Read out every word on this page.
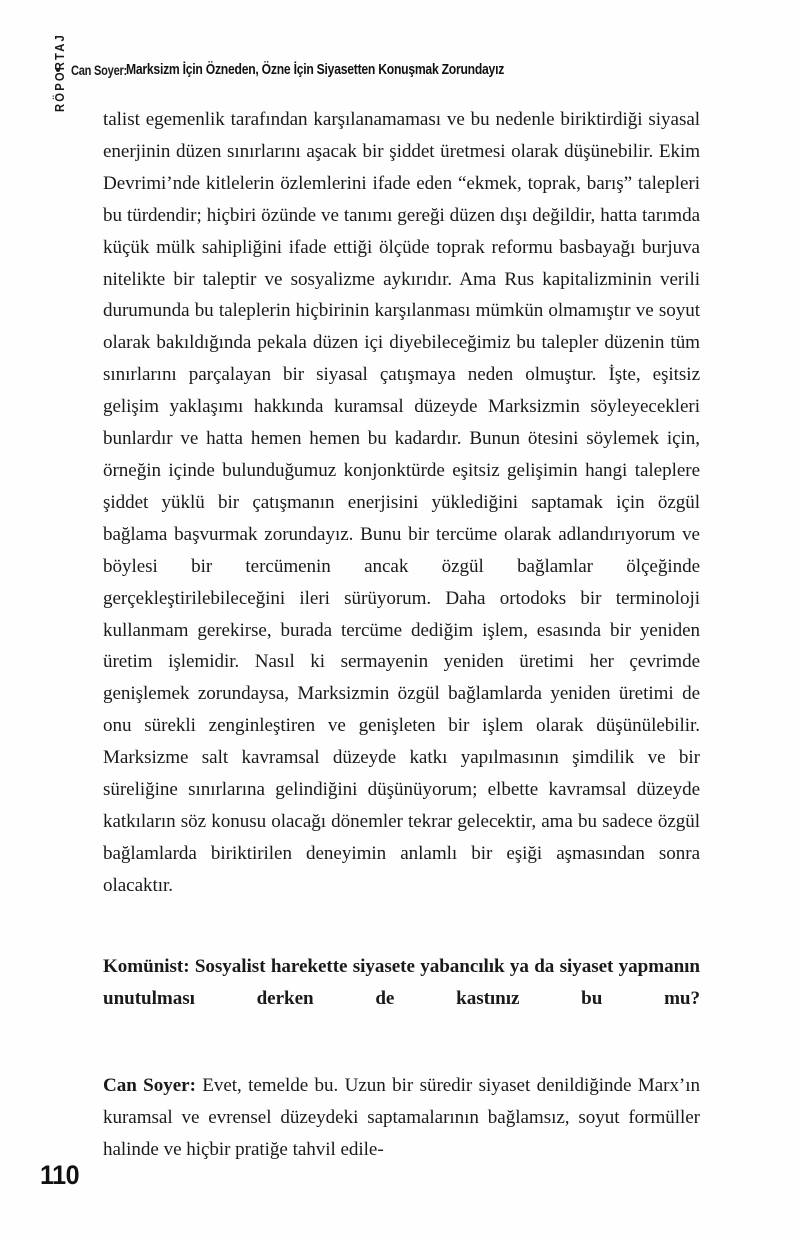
Can Soyer: Marksizm İçin Özneden, Özne İçin Siyasetten Konuşmak Zorundayız
RÖPORTAJ

talist egemenlik tarafından karşılanamaması ve bu nedenle biriktirdiği siyasal enerjinin düzen sınırlarını aşacak bir şiddet üretmesi olarak düşünebilir. Ekim Devrimi’nde kitlelerin özlemlerini ifade eden “ekmek, toprak, barış” talepleri bu türdendir; hiçbiri özünde ve tanımı gereği düzen dışı değildir, hatta tarımda küçük mülk sahipliğini ifade ettiği ölçüde toprak reformu basbayağı burjuva nitelikte bir taleptir ve sosyalizme aykırıdır. Ama Rus kapitalizminin verili durumunda bu taleplerin hiçbirinin karşılanması mümkün olmamıştır ve soyut olarak bakıldığında pekala düzen içi diyebileceğimiz bu talepler düzenin tüm sınırlarını parçalayan bir siyasal çatışmaya neden olmuştur. İşte, eşitsiz gelişim yaklaşımı hakkında kuramsal düzeyde Marksizmin söyleyecekleri bunlardır ve hatta hemen hemen bu kadardır. Bunun ötesini söylemek için, örneğin içinde bulunduğumuz konjonktürde eşitsiz gelişimin hangi taleplere şiddet yüklü bir çatışmanın enerjisini yüklediğini saptamak için özgül bağlama başvurmak zorundayız. Bunu bir tercüme olarak adlandırıyorum ve böylesi bir tercümenin ancak özgül bağlamlar ölçeğinde gerçekleştirilebileceğini ileri sürüyorum. Daha ortodoks bir terminoloji kullanmam gerekirse, burada tercüme dediğim işlem, esasında bir yeniden üretim işlemidir. Nasıl ki sermayenin yeniden üretimi her çevrimde genişlemek zorundaysa, Marksizmin özgül bağlamlarda yeniden üretimi de onu sürekli zenginleştiren ve genişleten bir işlem olarak düşünülebilir. Marksizme salt kavramsal düzeyde katkı yapılmasının şimdilik ve bir süreliğine sınırlarına gelindiğini düşünüyorum; elbette kavramsal düzeyde katkıların söz konusu olacağı dönemler tekrar gelecektir, ama bu sadece özgül bağlamlarda biriktirilen deneyimin anlamlı bir eşiği aşmasından sonra olacaktır.

Komünist: Sosyalist harekette siyasete yabancılık ya da siyaset yapmanın unutulması derken de kastınız bu mu?

Can Soyer: Evet, temelde bu. Uzun bir süredir siyaset denildiğinde Marx’ın kuramsal ve evrensel düzeydeki saptamalarının bağlamsız, soyut formüller halinde ve hiçbir pratiğe tahvil edile-

110
